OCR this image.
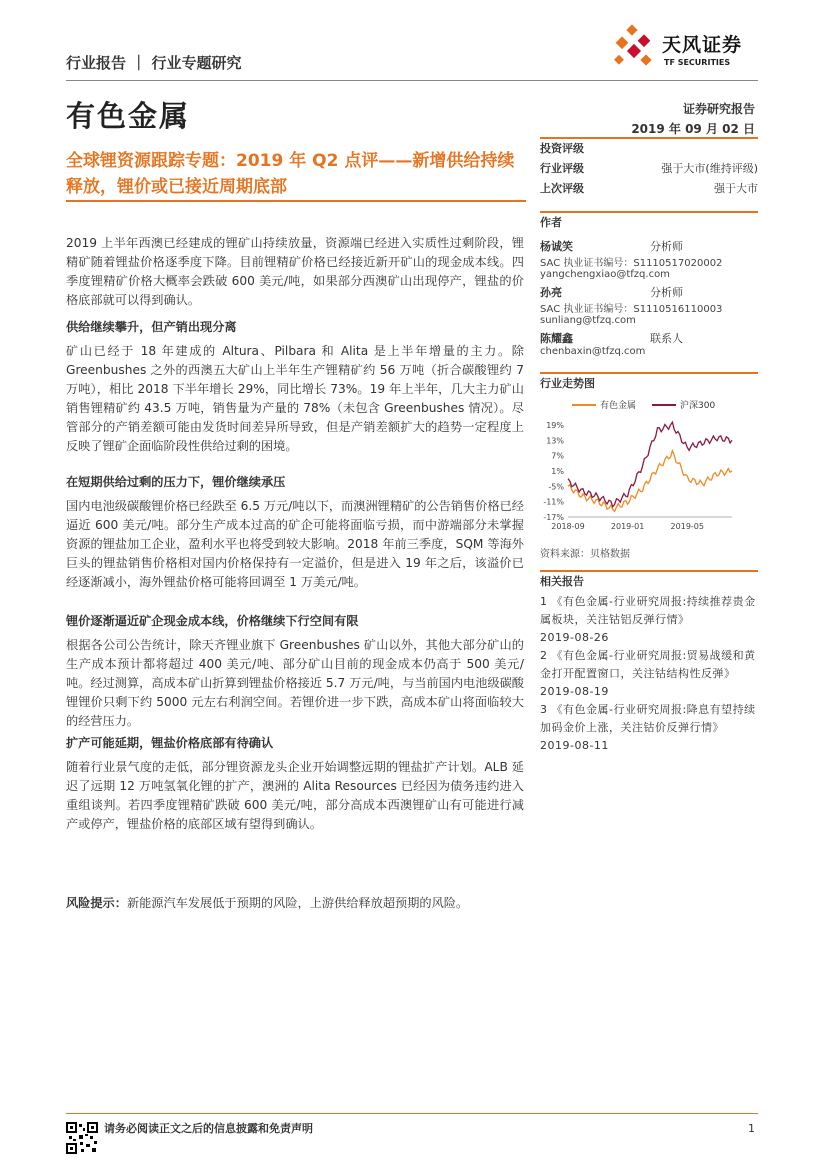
行业报告 ｜ 行业专题研究
天风证券
TF SECURITIES
有色金属	证券研究报告
2019 年 09 月 02 日
全球锂资源跟踪专题：2019 年 Q2 点评——新增供给持续释放，锂价或已接近周期底部
2019 上半年西澳已经建成的锂矿山持续放量，资源端已经进入实质性过剩阶段，锂精矿随着锂盐价格逐季度下降。目前锂精矿价格已经接近新开矿山的现金成本线。四季度锂精矿价格大概率会跌破 600 美元/吨，如果部分西澳矿山出现停产，锂盐的价格底部就可以得到确认。
供给继续攀升，但产销出现分离
矿山已经于 18 年建成的 Altura、Pilbara 和 Alita 是上半年增量的主力。除 Greenbushes 之外的西澳五大矿山上半年生产锂精矿约 56 万吨（折合碳酸锂约 7 万吨），相比 2018 下半年增长 29%，同比增长 73%。19 年上半年，几大主力矿山销售锂精矿约 43.5 万吨，销售量为产量的 78%（未包含 Greenbushes 情况）。尽管部分的产销差额可能由发货时间差异所导致，但是产销差额扩大的趋势一定程度上反映了锂矿企面临阶段性供给过剩的困境。
在短期供给过剩的压力下，锂价继续承压
国内电池级碳酸锂价格已经跌至 6.5 万元/吨以下，而澳洲锂精矿的公告销售价格已经逼近 600 美元/吨。部分生产成本过高的矿企可能将面临亏损，而中游端部分未掌握资源的锂盐加工企业，盈利水平也将受到较大影响。2018 年前三季度，SQM 等海外巨头的锂盐销售价格相对国内价格保持有一定溢价，但是进入 19 年之后，该溢价已经逐渐减小，海外锂盐价格可能将回调至 1 万美元/吨。
锂价逐渐逼近矿企现金成本线，价格继续下行空间有限
根据各公司公告统计，除天齐锂业旗下 Greenbushes 矿山以外，其他大部分矿山的生产成本预计都将超过 400 美元/吨、部分矿山目前的现金成本仍高于 500 美元/吨。经过测算，高成本矿山折算到锂盐价格接近 5.7 万元/吨，与当前国内电池级碳酸锂锂价只剩下约 5000 元左右利润空间。若锂价进一步下跌，高成本矿山将面临较大的经营压力。
扩产可能延期，锂盐价格底部有待确认
随着行业景气度的走低，部分锂资源龙头企业开始调整远期的锂盐扩产计划。ALB 延迟了远期 12 万吨氢氧化锂的扩产，澳洲的 Alita Resources 已经因为债务违约进入重组谈判。若四季度锂精矿跌破 600 美元/吨，部分高成本西澳锂矿山有可能进行减产或停产，锂盐价格的底部区域有望得到确认。
风险提示：新能源汽车发展低于预期的风险，上游供给释放超预期的风险。
投资评级
行业评级	强于大市(维持评级)
上次评级	强于大市
作者
杨诚笑	分析师
SAC 执业证书编号：S1110517020002
yangchengxiao@tfzq.com
孙亮	分析师
SAC 执业证书编号：S1110516110003
sunliang@tfzq.com
陈耀鑫	联系人
chenbaxin@tfzq.com
行业走势图
有色金属	沪深300
19%
13%
7%
1%
-5%
-11%
-17%
2018-09	2019-01	2019-05
资料来源：贝格数据
相关报告
1 《有色金属-行业研究周报:持续推荐贵金属板块，关注钴铝反弹行情》
2019-08-26
2 《有色金属-行业研究周报:贸易战缓和黄金打开配置窗口，关注钴结构性反弹》
2019-08-19
3 《有色金属-行业研究周报:降息有望持续加码金价上涨，关注钴价反弹行情》 2019-08-11
请务必阅读正文之后的信息披露和免责声明	1
